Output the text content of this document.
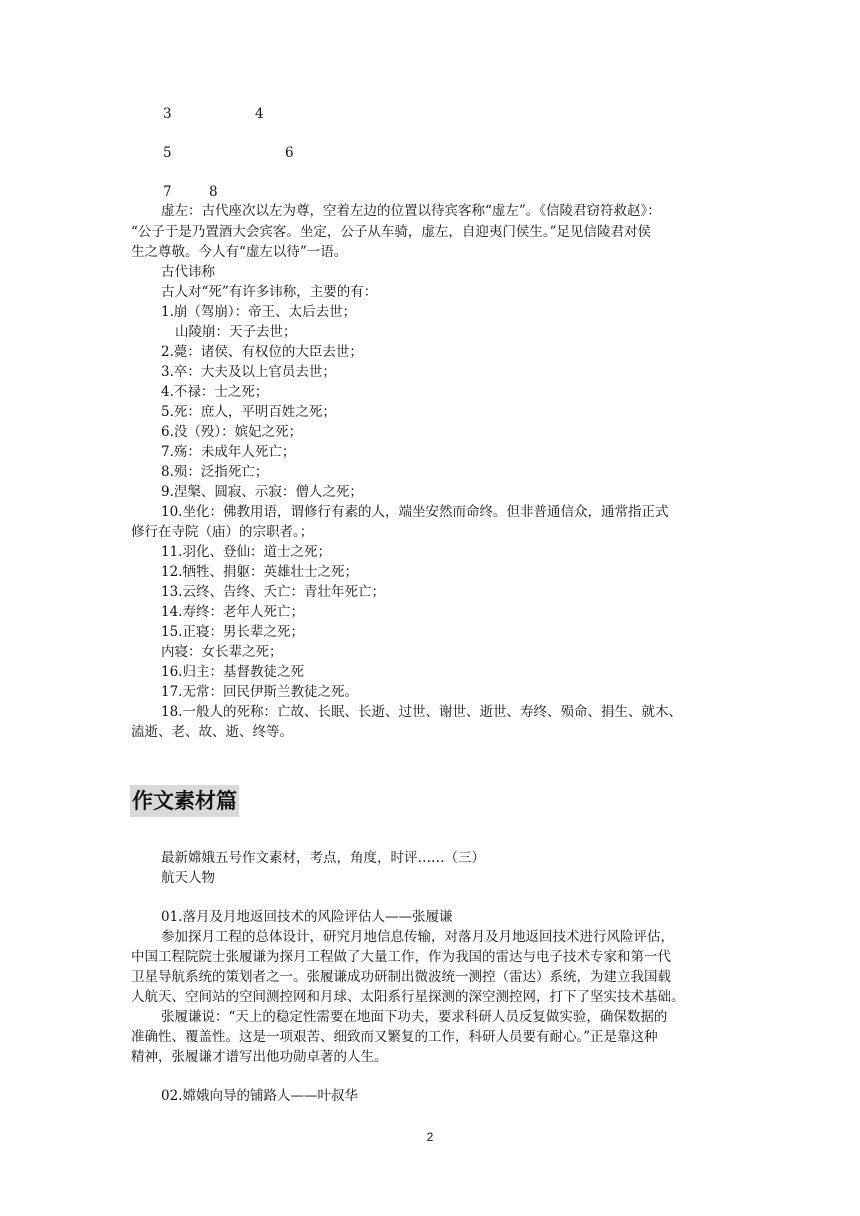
3	4
5	6
7	8
虚左：古代座次以左为尊，空着左边的位置以待宾客称“虚左”。《信陵君窃符救赵》：
“公子于是乃置酒大会宾客。坐定，公子从车骑，虚左，自迎夷门侯生。”足见信陵君对侯
生之尊敬。今人有“虚左以待”一语。
古代讳称
古人对“死”有许多讳称，主要的有：
1.崩（驾崩）：帝王、太后去世；
山陵崩：天子去世；
2.薨：诸侯、有权位的大臣去世；
3.卒：大夫及以上官员去世；
4.不禄：士之死；
5.死：庶人，平明百姓之死；
6.没（殁）：嫔妃之死；
7.殇：未成年人死亡；
8.殒：泛指死亡；
9.涅槃、圆寂、示寂：僧人之死；
10.坐化：佛教用语，谓修行有素的人，端坐安然而命终。但非普通信众，通常指正式
修行在寺院（庙）的宗职者。；
11.羽化、登仙：道士之死；
12.牺牲、捐躯：英雄壮士之死；
13.云终、告终、夭亡：青壮年死亡；
14.寿终：老年人死亡；
15.正寝：男长辈之死；
内寝：女长辈之死；
16.归主：基督教徒之死
17.无常：回民伊斯兰教徒之死。
18.一般人的死称：亡故、长眠、长逝、过世、谢世、逝世、寿终、殒命、捐生、就木、
溘逝、老、故、逝、终等。
作文素材篇
最新嫦娥五号作文素材，考点，角度，时评……（三）
航天人物
01.落月及月地返回技术的风险评估人——张履谦
参加探月工程的总体设计，研究月地信息传输，对落月及月地返回技术进行风险评估，
中国工程院院士张履谦为探月工程做了大量工作，作为我国的雷达与电子技术专家和第一代
卫星导航系统的策划者之一。张履谦成功研制出微波统一测控（雷达）系统，为建立我国载
人航天、空间站的空间测控网和月球、太阳系行星探测的深空测控网，打下了坚实技术基础。
张履谦说：“天上的稳定性需要在地面下功夫，要求科研人员反复做实验，确保数据的
准确性、覆盖性。这是一项艰苦、细致而又繁复的工作，科研人员要有耐心。”正是靠这种
精神，张履谦才谱写出他功勋卓著的人生。
02.嫦娥向导的铺路人——叶叔华
2
